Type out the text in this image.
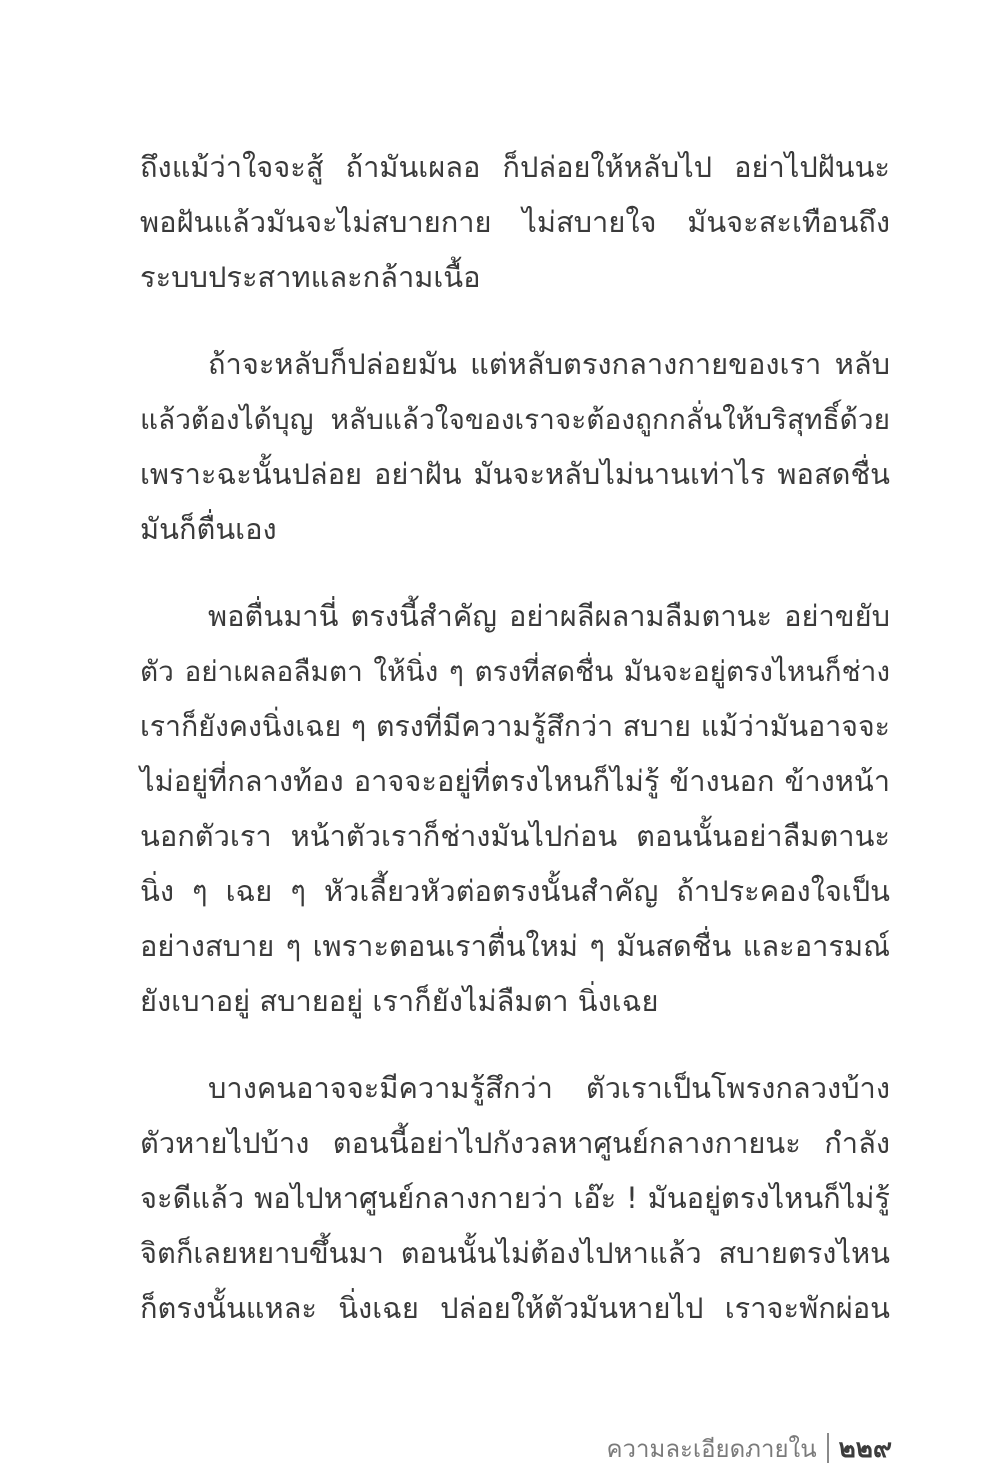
ถึงแม้ว่าใจจะสู้ ถ้ามันเผลอ ก็ปล่อยให้หลับไป อย่าไปฝันนะ
พอฝันแล้วมันจะไม่สบายกาย ไม่สบายใจ มันจะสะเทือนถึง
ระบบประสาทและกล้ามเนื้อ
ถ้าจะหลับก็ปล่อยมัน แต่หลับตรงกลางกายของเรา หลับ
แล้วต้องได้บุญ หลับแล้วใจของเราจะต้องถูกกลั่นให้บริสุทธิ์ด้วย
เพราะฉะนั้นปล่อย อย่าฝัน มันจะหลับไม่นานเท่าไร พอสดชื่น
มันก็ตื่นเอง
พอตื่นมานี่ ตรงนี้สำคัญ อย่าผลีผลามลืมตานะ อย่าขยับ
ตัว อย่าเผลอลืมตา ให้นิ่ง ๆ ตรงที่สดชื่น มันจะอยู่ตรงไหนก็ช่าง
เราก็ยังคงนิ่งเฉย ๆ ตรงที่มีความรู้สึกว่า สบาย แม้ว่ามันอาจจะ
ไม่อยู่ที่กลางท้อง อาจจะอยู่ที่ตรงไหนก็ไม่รู้ ข้างนอก ข้างหน้า
นอกตัวเรา หน้าตัวเราก็ช่างมันไปก่อน ตอนนั้นอย่าลืมตานะ
นิ่ง ๆ เฉย ๆ หัวเลี้ยวหัวต่อตรงนั้นสำคัญ ถ้าประคองใจเป็น
อย่างสบาย ๆ เพราะตอนเราตื่นใหม่ ๆ มันสดชื่น และอารมณ์
ยังเบาอยู่ สบายอยู่ เราก็ยังไม่ลืมตา นิ่งเฉย
บางคนอาจจะมีความรู้สึกว่า ตัวเราเป็นโพรงกลวงบ้าง
ตัวหายไปบ้าง ตอนนี้อย่าไปกังวลหาศูนย์กลางกายนะ กำลัง
จะดีแล้ว พอไปหาศูนย์กลางกายว่า เอ๊ะ ! มันอยู่ตรงไหนก็ไม่รู้
จิตก็เลยหยาบขึ้นมา ตอนนั้นไม่ต้องไปหาแล้ว สบายตรงไหน
ก็ตรงนั้นแหละ นิ่งเฉย ปล่อยให้ตัวมันหายไป เราจะพักผ่อน
ความละเอียดภายใน ๒๒๙
